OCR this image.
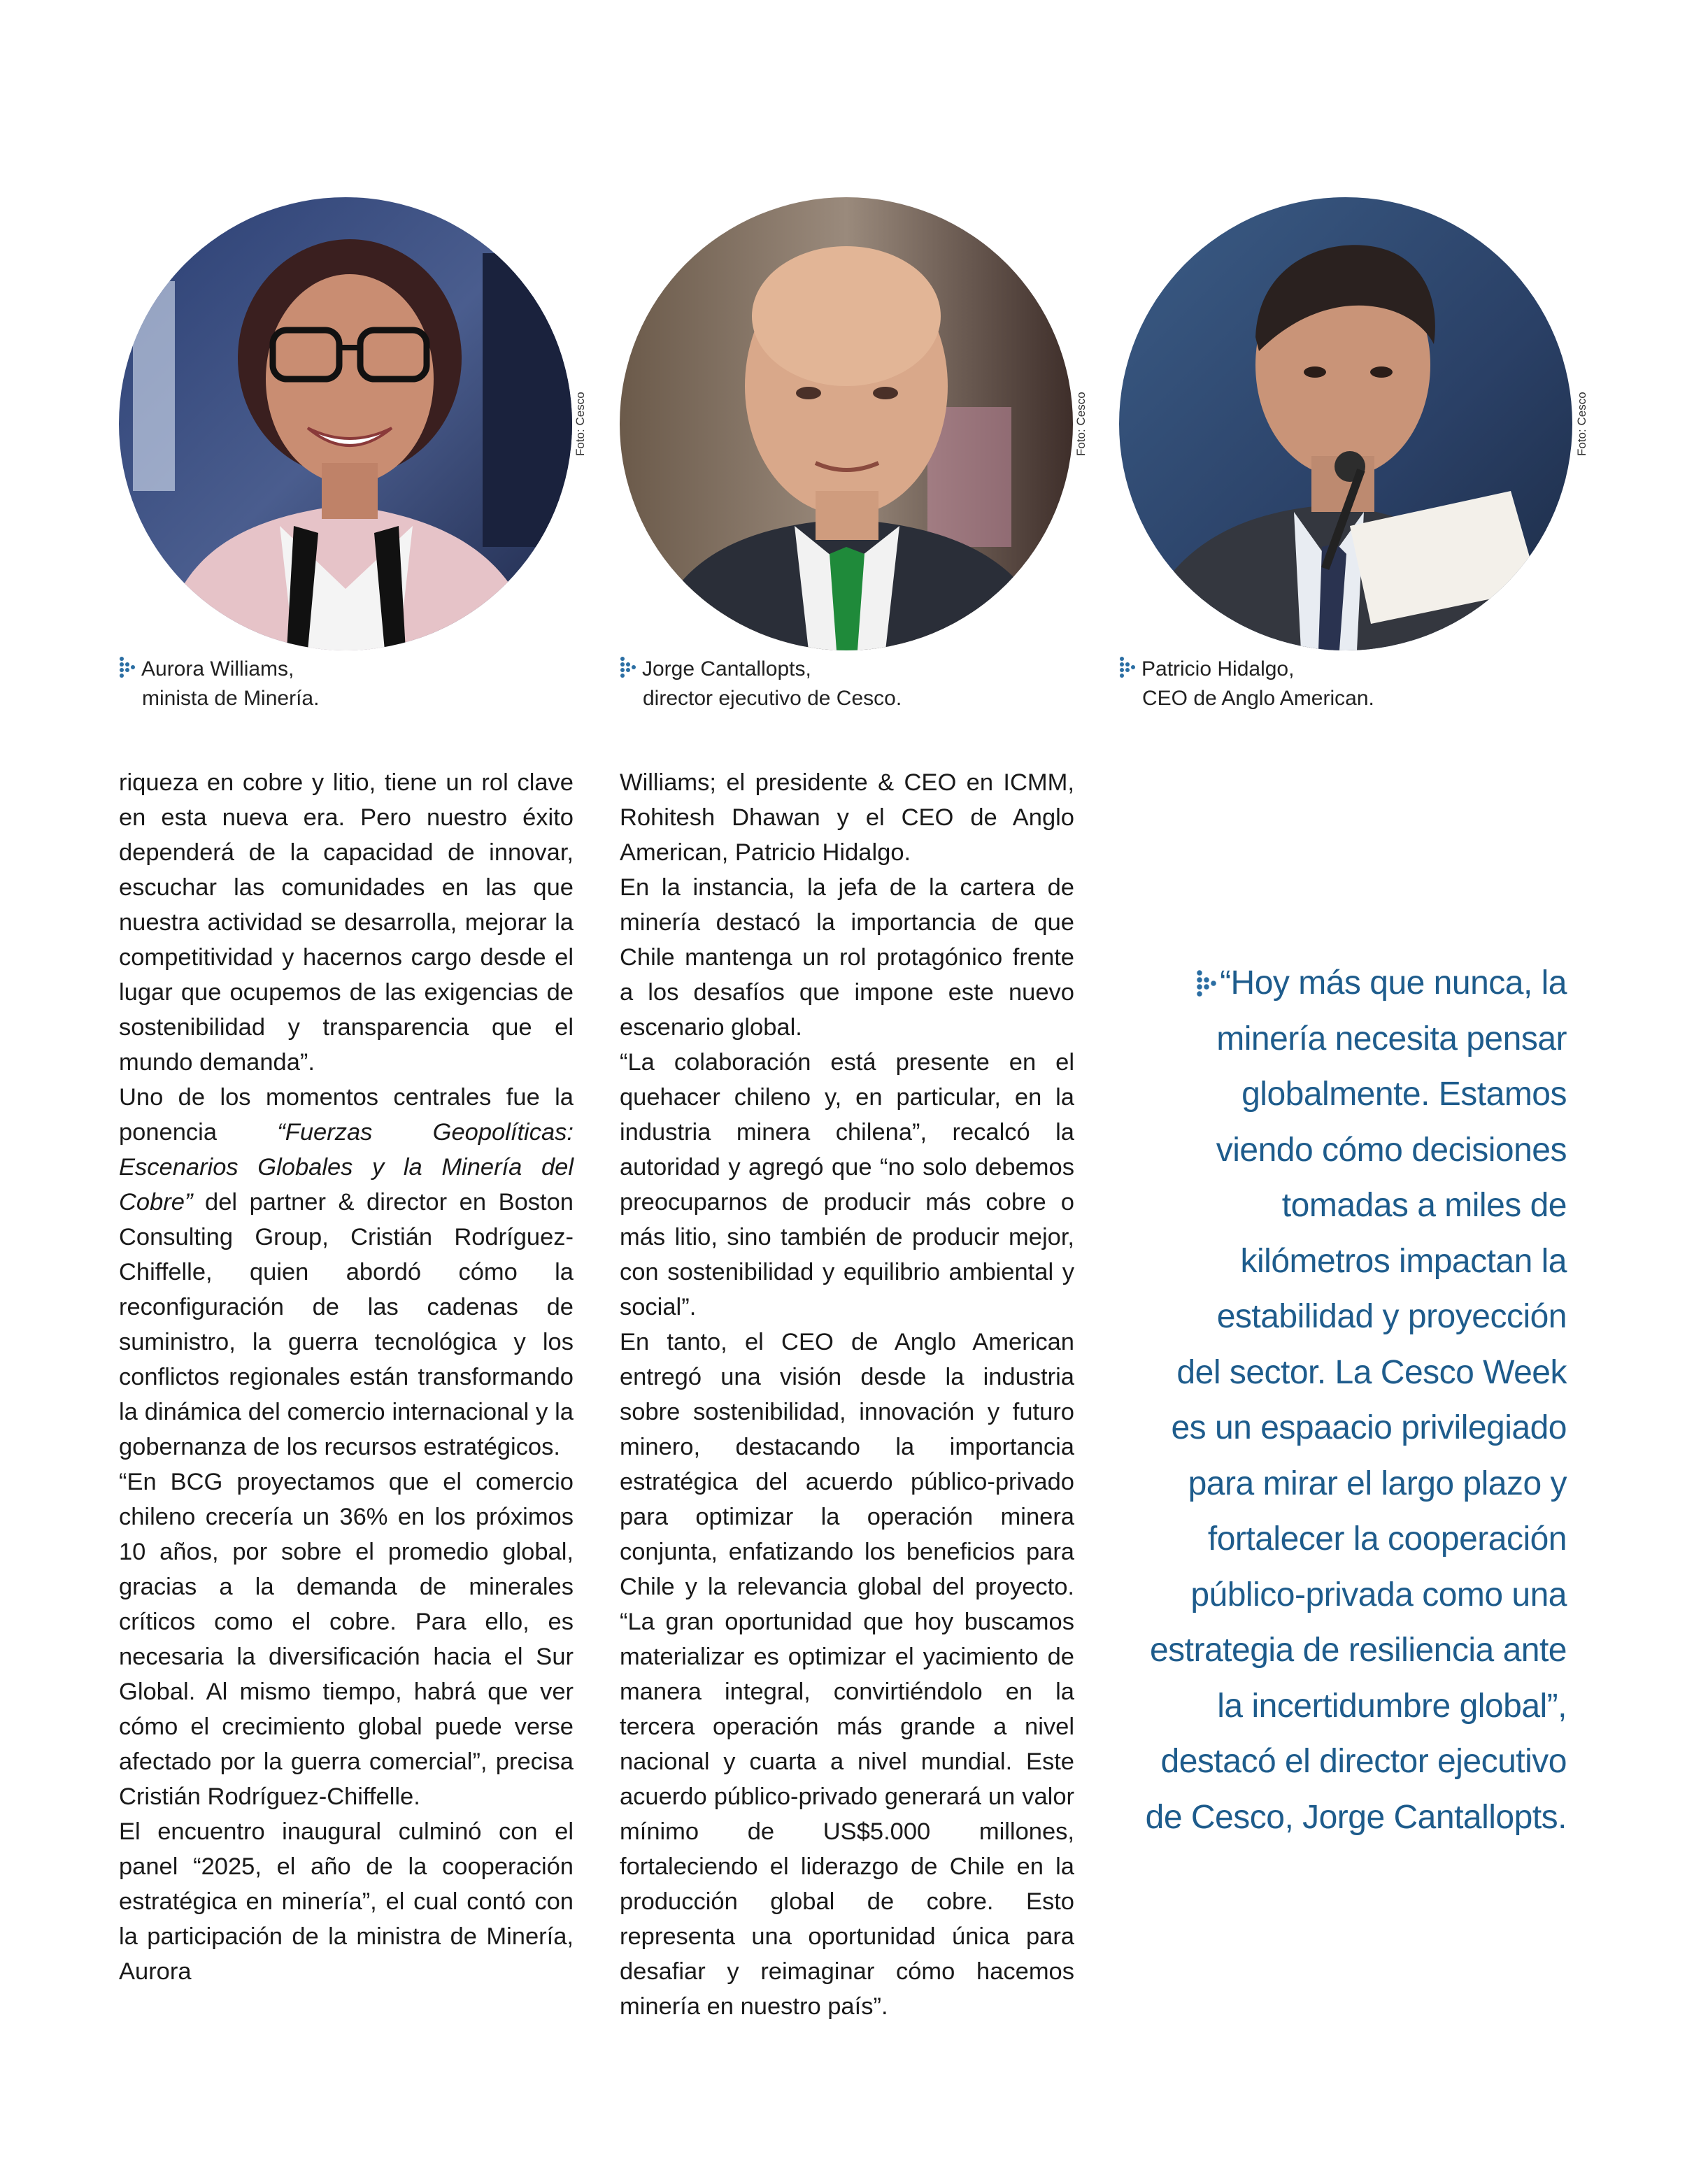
Foto: Cesco
Aurora Williams,
minista de Minería.
Foto: Cesco
Jorge Cantallopts,
director ejecutivo de Cesco.
Foto: Cesco
Patricio Hidalgo,
CEO de Anglo American.

riqueza en cobre y litio, tiene un rol clave en esta nueva era. Pero nuestro éxito dependerá de la capacidad de innovar, escuchar las comunidades en las que nuestra actividad se desarrolla, mejorar la competitividad y hacernos cargo desde el lugar que ocupemos de las exigencias de sostenibilidad y transparencia que el mundo demanda”.

Uno de los momentos centrales fue la ponencia “Fuerzas Geopolíticas: Escenarios Globales y la Minería del Cobre” del partner & director en Boston Consulting Group, Cristián Rodríguez-Chiffelle, quien abordó cómo la reconfiguración de las cadenas de suministro, la guerra tecnológica y los conflictos regionales están transformando la dinámica del comercio internacional y la gobernanza de los recursos estratégicos.

“En BCG proyectamos que el comercio chileno crecería un 36% en los próximos 10 años, por sobre el promedio global, gracias a la demanda de minerales críticos como el cobre. Para ello, es necesaria la diversificación hacia el Sur Global. Al mismo tiempo, habrá que ver cómo el crecimiento global puede verse afectado por la guerra comercial”, precisa Cristián Rodríguez-Chiffelle.

El encuentro inaugural culminó con el panel “2025, el año de la cooperación estratégica en minería”, el cual contó con la participación de la ministra de Minería, Aurora

Williams; el presidente & CEO en ICMM, Rohitesh Dhawan y el CEO de Anglo American, Patricio Hidalgo.

En la instancia, la jefa de la cartera de minería destacó la importancia de que Chile mantenga un rol protagónico frente a los desafíos que impone este nuevo escenario global.

“La colaboración está presente en el quehacer chileno y, en particular, en la industria minera chilena”, recalcó la autoridad y agregó que “no solo debemos preocuparnos de producir más cobre o más litio, sino también de producir mejor, con sostenibilidad y equilibrio ambiental y social”.

En tanto, el CEO de Anglo American entregó una visión desde la industria sobre sostenibilidad, innovación y futuro minero, destacando la importancia estratégica del acuerdo público-privado para optimizar la operación minera conjunta, enfatizando los beneficios para Chile y la relevancia global del proyecto. “La gran oportunidad que hoy buscamos materializar es optimizar el yacimiento de manera integral, convirtiéndolo en la tercera operación más grande a nivel nacional y cuarta a nivel mundial. Este acuerdo público-privado generará un valor mínimo de US$5.000 millones, fortaleciendo el liderazgo de Chile en la producción global de cobre. Esto representa una oportunidad única para desafiar y reimaginar cómo hacemos minería en nuestro país”.

“Hoy más que nunca, la
minería necesita pensar
globalmente. Estamos
viendo cómo decisiones
tomadas a miles de
kilómetros impactan la
estabilidad y proyección
del sector. La Cesco Week
es un espaacio privilegiado
para mirar el largo plazo y
fortalecer la cooperación
público-privada como una
estrategia de resiliencia ante
la incertidumbre global”,
destacó el director ejecutivo
de Cesco, Jorge Cantallopts.
